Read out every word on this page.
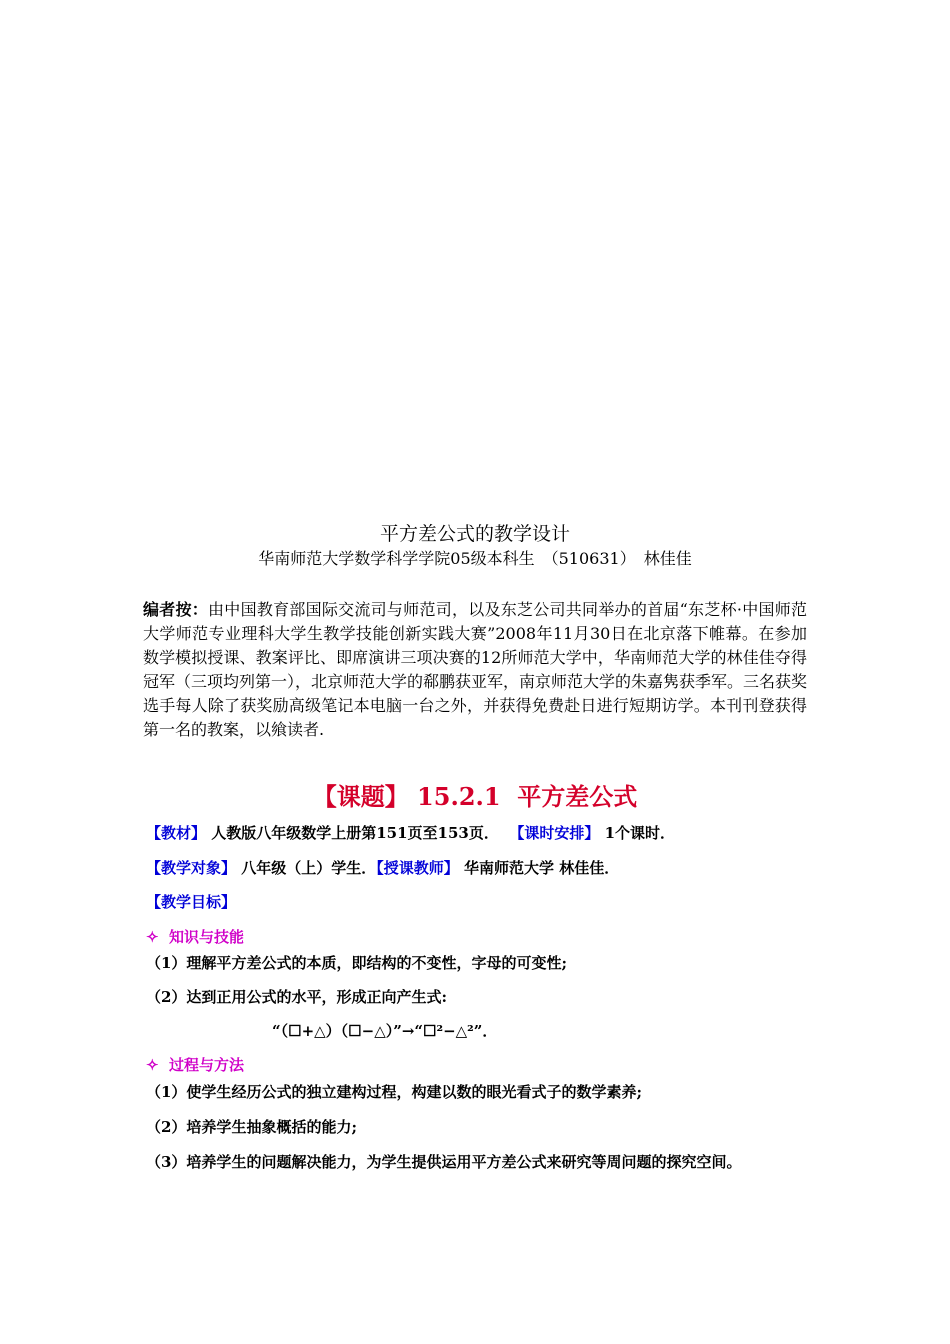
平方差公式的教学设计
华南师范大学数学科学学院05级本科生　（510631）　林佳佳

编者按：由中国教育部国际交流司与师范司，以及东芝公司共同举办的首届“东芝杯·中国师范大学师范专业理科大学生教学技能创新实践大赛”2008年11月30日在北京落下帷幕。在参加数学模拟授课、教案评比、即席演讲三项决赛的12所师范大学中，华南师范大学的林佳佳夺得冠军（三项均列第一），北京师范大学的郗鹏获亚军，南京师范大学的朱嘉隽获季军。三名获奖选手每人除了获奖励高级笔记本电脑一台之外，并获得免费赴日进行短期访学。本刊刊登获得第一名的教案，以飨读者.

【课题】 15.2.1  平方差公式

【教材】 人教版八年级数学上册第151页至153页． 【课时安排】 1个课时．

【教学对象】 八年级（上）学生．【授课教师】 华南师范大学 林佳佳．

【教学目标】

✧  知识与技能

（1）理解平方差公式的本质，即结构的不变性，字母的可变性;

（2）达到正用公式的水平，形成正向产生式:

“（☐+△）（☐−△）”→“☐²−△²”．

✧  过程与方法

（1）使学生经历公式的独立建构过程，构建以数的眼光看式子的数学素养;

（2）培养学生抽象概括的能力;

（3）培养学生的问题解决能力，为学生提供运用平方差公式来研究等周问题的探究空间。
